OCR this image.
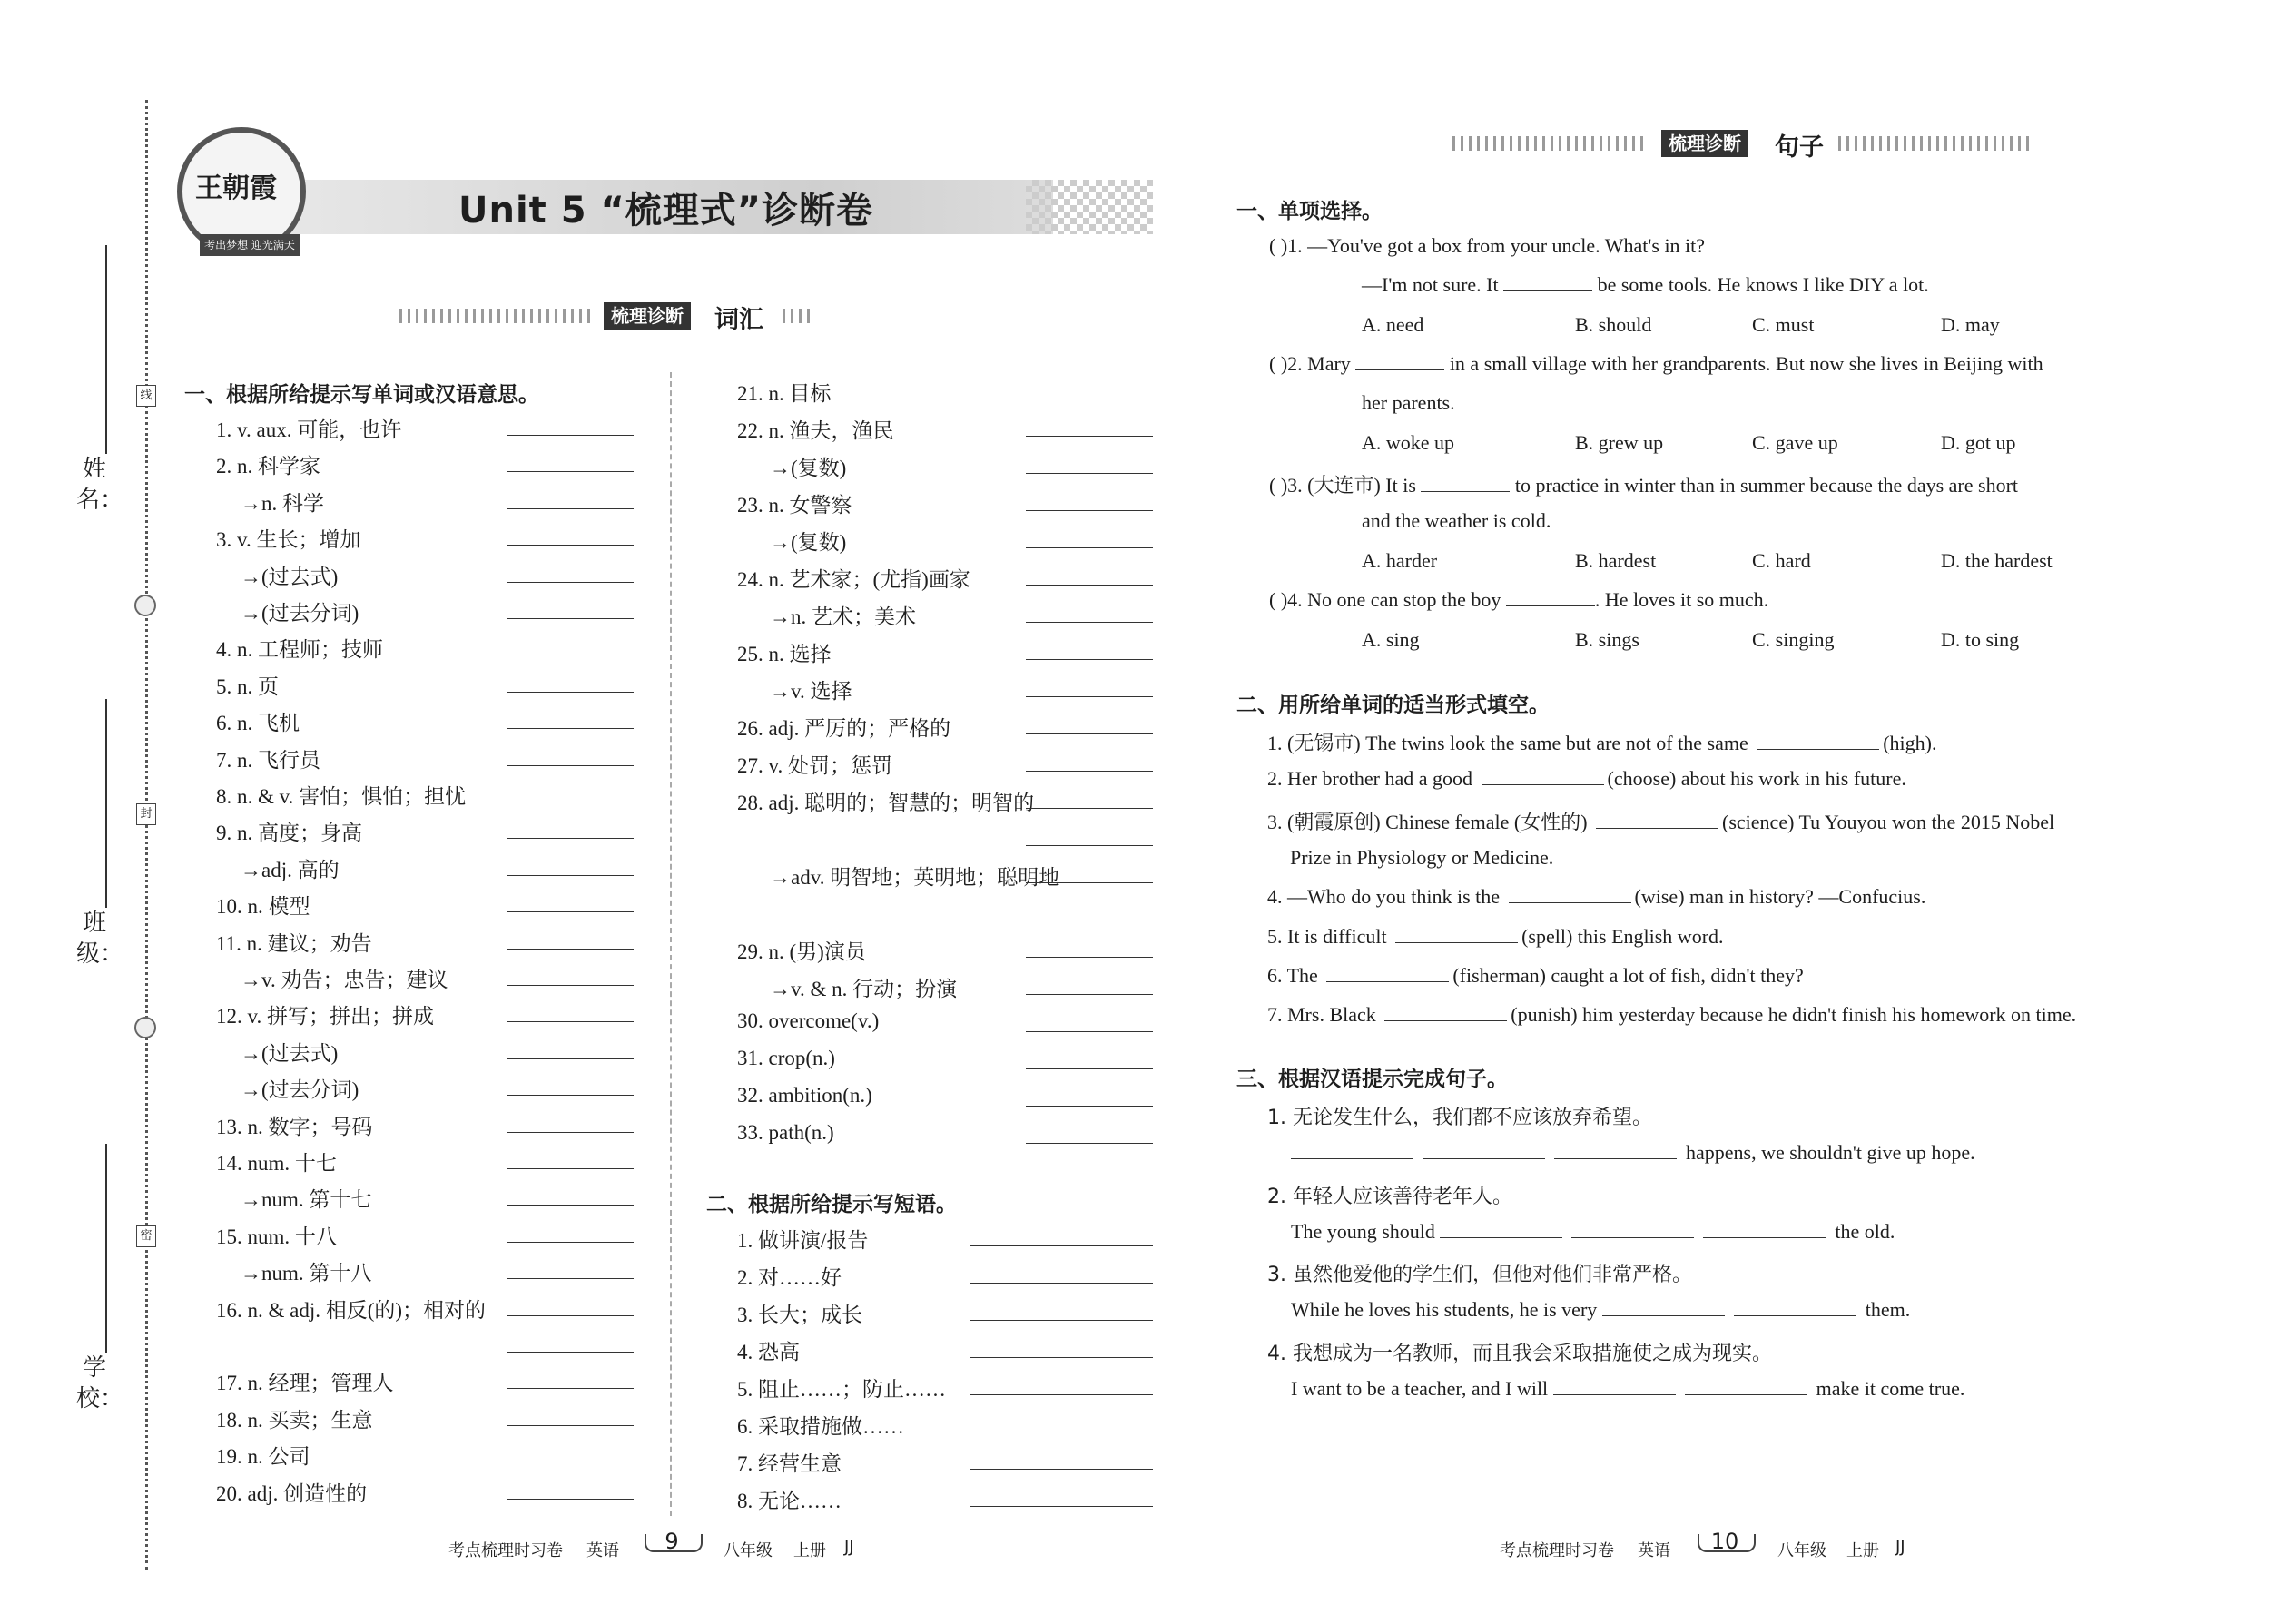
姓名：
班级：
学校：
线
封
密
王朝霞
考出梦想 迎光满天
Unit 5 “梳理式”诊断卷
梳理诊断 词汇
一、根据所给提示写单词或汉语意思。
1. v. aux. 可能，也许
2. n. 科学家
→n. 科学
3. v. 生长；增加
→(过去式)
→(过去分词)
4. n. 工程师；技师
5. n. 页
6. n. 飞机
7. n. 飞行员
8. n. & v. 害怕；惧怕；担忧
9. n. 高度；身高
→adj. 高的
10. n. 模型
11. n. 建议；劝告
→v. 劝告；忠告；建议
12. v. 拼写；拼出；拼成
→(过去式)
→(过去分词)
13. n. 数字；号码
14. num. 十七
→num. 第十七
15. num. 十八
→num. 第十八
16. n. & adj. 相反(的)；相对的
17. n. 经理；管理人
18. n. 买卖；生意
19. n. 公司
20. adj. 创造性的
21. n. 目标
22. n. 渔夫，渔民
→(复数)
23. n. 女警察
→(复数)
24. n. 艺术家；(尤指)画家
→n. 艺术；美术
25. n. 选择
→v. 选择
26. adj. 严厉的；严格的
27. v. 处罚；惩罚
28. adj. 聪明的；智慧的；明智的
→adv. 明智地；英明地；聪明地
29. n. (男)演员
→v. & n. 行动；扮演
30. overcome(v.)
31. crop(n.)
32. ambition(n.)
33. path(n.)
二、根据所给提示写短语。
1. 做讲演/报告
2. 对……好
3. 长大；成长
4. 恐高
5. 阻止……；防止……
6. 采取措施做……
7. 经营生意
8. 无论……
考点梳理时习卷 英语	9	八年级 上册 JJ
梳理诊断 句子
一、单项选择。
( )1. —You've got a box from your uncle. What's in it?
—I'm not sure. It	be some tools. He knows I like DIY a lot.
A. need	B. should	C. must	D. may
( )2. Mary	in a small village with her grandparents. But now she lives in Beijing with
her parents.
A. woke up	B. grew up	C. gave up	D. got up
( )3. (大连市) It is	to practice in winter than in summer because the days are short
and the weather is cold.
A. harder	B. hardest	C. hard	D. the hardest
( )4. No one can stop the boy	. He loves it so much.
A. sing	B. sings	C. singing	D. to sing
二、用所给单词的适当形式填空。
1. (无锡市) The twins look the same but are not of the same	(high).
2. Her brother had a good	(choose) about his work in his future.
3. (朝霞原创) Chinese female (女性的)	(science) Tu Youyou won the 2015 Nobel
Prize in Physiology or Medicine.
4. —Who do you think is the	(wise) man in history? —Confucius.
5. It is difficult	(spell) this English word.
6. The	(fisherman) caught a lot of fish, didn't they?
7. Mrs. Black	(punish) him yesterday because he didn't finish his homework on time.
三、根据汉语提示完成句子。
1. 无论发生什么，我们都不应该放弃希望。
happens, we shouldn't give up hope.
2. 年轻人应该善待老年人。
The young should	the old.
3. 虽然他爱他的学生们，但他对他们非常严格。
While he loves his students, he is very	them.
4. 我想成为一名教师，而且我会采取措施使之成为现实。
I want to be a teacher, and I will	make it come true.
考点梳理时习卷 英语	10	八年级 上册 JJ
